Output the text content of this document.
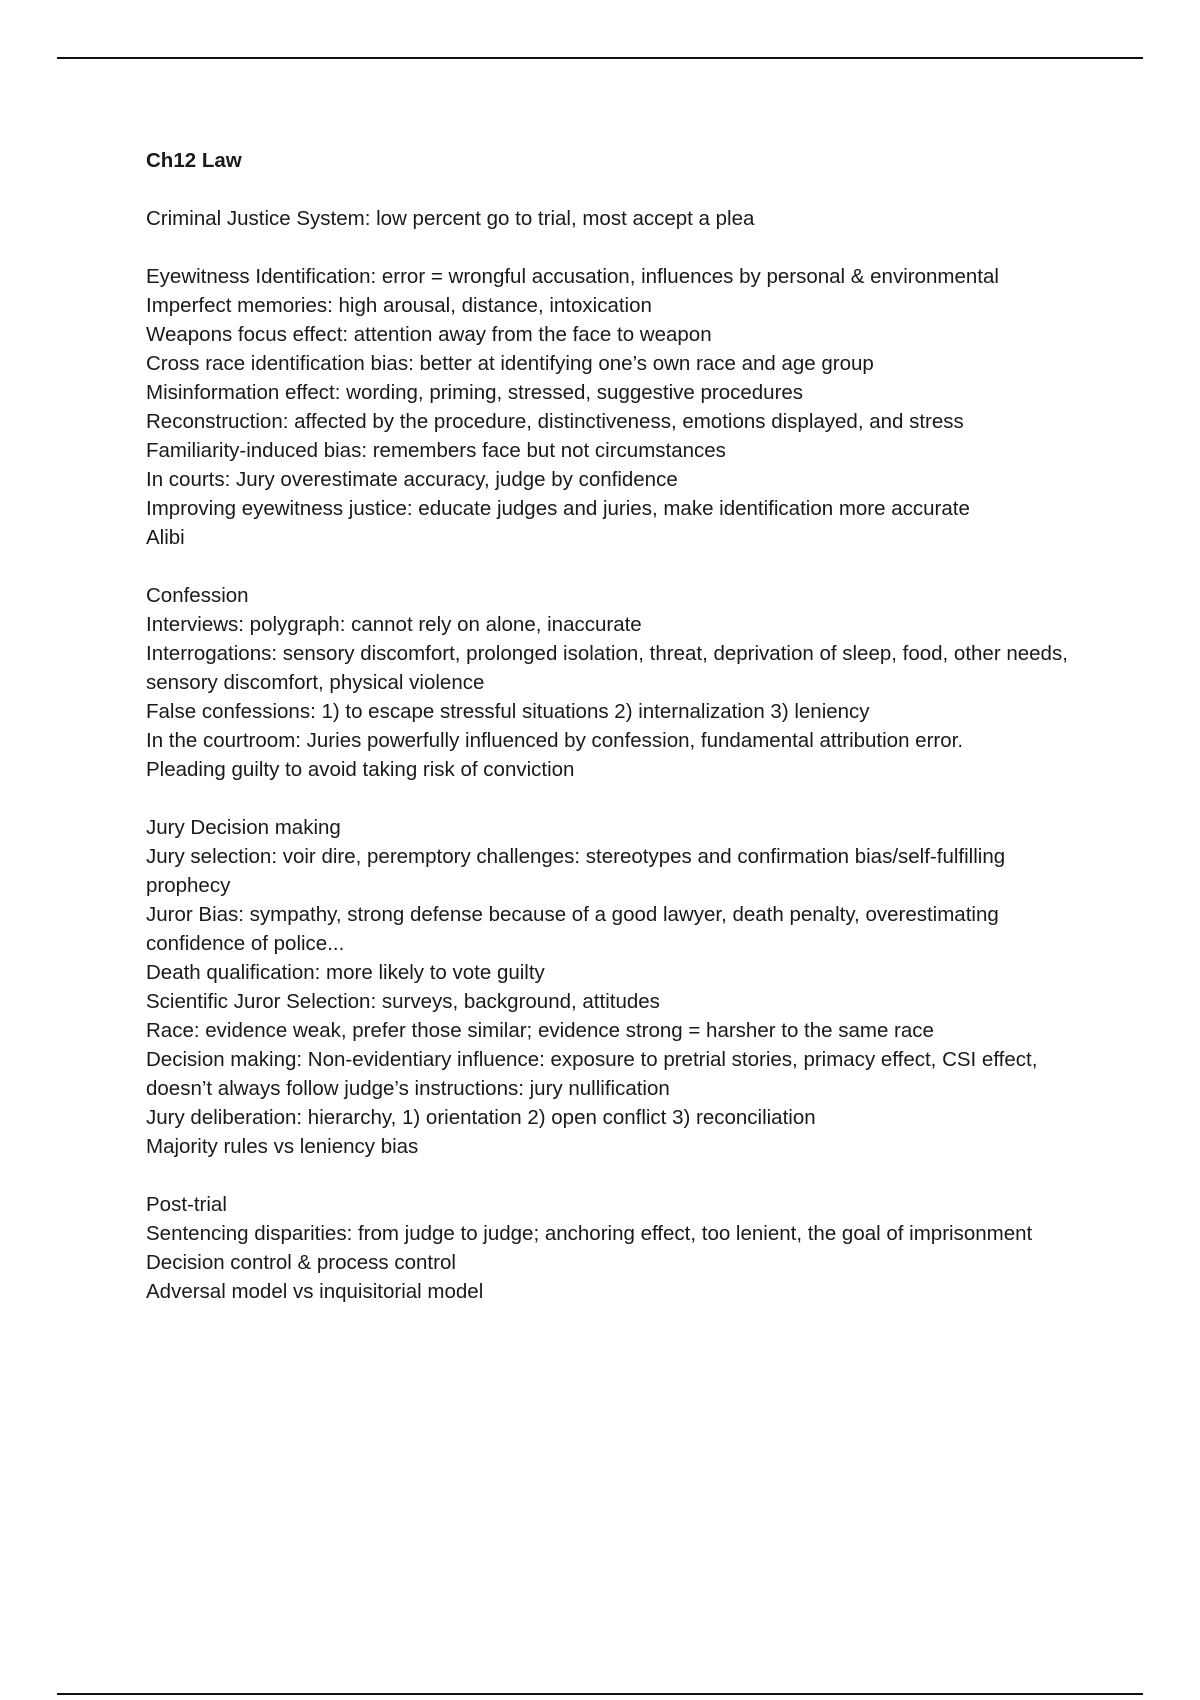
Ch12 Law
Criminal Justice System: low percent go to trial, most accept a plea
Eyewitness Identification: error = wrongful accusation, influences by personal & environmental
Imperfect memories: high arousal, distance, intoxication
Weapons focus effect: attention away from the face to weapon
Cross race identification bias: better at identifying one’s own race and age group
Misinformation effect: wording, priming, stressed, suggestive procedures
Reconstruction: affected by the procedure, distinctiveness, emotions displayed, and stress
Familiarity-induced bias: remembers face but not circumstances
In courts: Jury overestimate accuracy, judge by confidence
Improving eyewitness justice: educate judges and juries, make identification more accurate
Alibi
Confession
Interviews: polygraph: cannot rely on alone, inaccurate
Interrogations: sensory discomfort, prolonged isolation, threat, deprivation of sleep, food, other needs, sensory discomfort, physical violence
False confessions: 1) to escape stressful situations 2) internalization 3) leniency
In the courtroom: Juries powerfully influenced by confession, fundamental attribution error.
Pleading guilty to avoid taking risk of conviction
Jury Decision making
Jury selection: voir dire, peremptory challenges: stereotypes and confirmation bias/self-fulfilling prophecy
Juror Bias: sympathy, strong defense because of a good lawyer, death penalty, overestimating confidence of police...
Death qualification: more likely to vote guilty
Scientific Juror Selection: surveys, background, attitudes
Race: evidence weak, prefer those similar; evidence strong = harsher to the same race
Decision making: Non-evidentiary influence: exposure to pretrial stories, primacy effect, CSI effect, doesn’t always follow judge’s instructions: jury nullification
Jury deliberation: hierarchy, 1) orientation 2) open conflict 3) reconciliation
Majority rules vs leniency bias
Post-trial
Sentencing disparities: from judge to judge; anchoring effect, too lenient, the goal of imprisonment
Decision control & process control
Adversal model vs inquisitorial model
